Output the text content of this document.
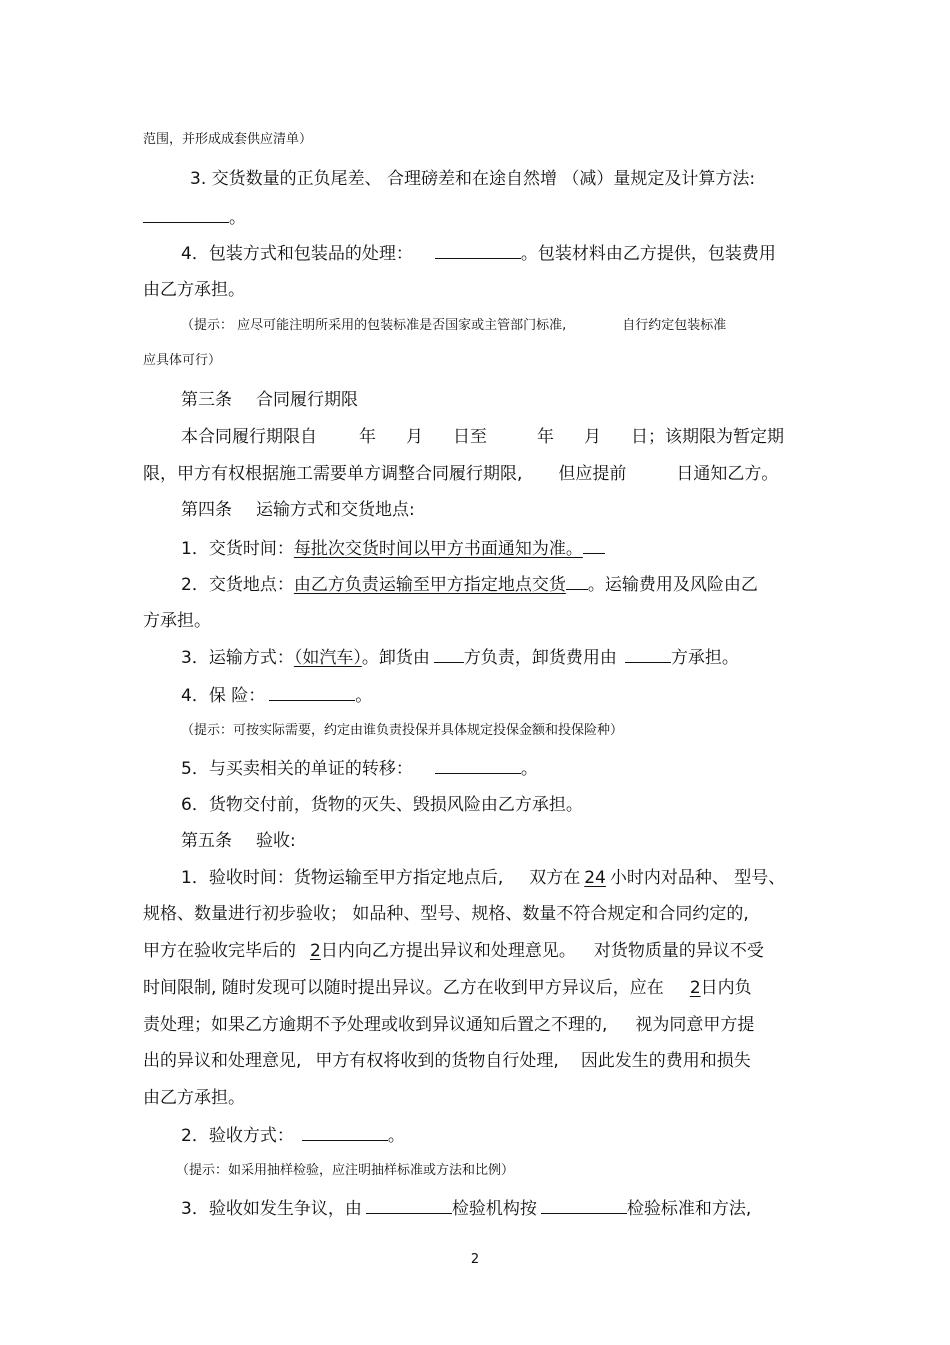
范围，并形成成套供应清单）
3. 交货数量的正负尾差、 合理磅差和在途自然增 （减）量规定及计算方法:
。
4．包装方式和包装品的处理：	。包装材料由乙方提供，包装费用
由乙方承担。
（提示： 应尽可能注明所采用的包装标准是否国家或主管部门标准,	自行约定包装标准
应具体可行）
第三条 合同履行期限
本合同履行期限自 年 月 日至	年 月 日；该期限为暂定期
限，甲方有权根据施工需要单方调整合同履行期限, 但应提前	日通知乙方。
第四条 运输方式和交货地点:
1．交货时间：每批次交货时间以甲方书面通知为准。
2．交货地点：由乙方负责运输至甲方指定地点交货 。运输费用及风险由乙
方承担。
3．运输方式：（如汽车）。卸货由 方负责，卸货费用由	方承担。
4．保 险：	。
（提示：可按实际需要，约定由谁负责投保并具体规定投保金额和投保险种）
5．与买卖相关的单证的转移：	。
6．货物交付前，货物的灭失、毁损风险由乙方承担。
第五条 验收:
1．验收时间：货物运输至甲方指定地点后, 双方在 24 小时内对品种、 型号、
规格、数量进行初步验收； 如品种、型号、规格、数量不符合规定和合同约定的,
甲方在验收完毕后的 2日内向乙方提出异议和处理意见。 对货物质量的异议不受
时间限制, 随时发现可以随时提出异议。乙方在收到甲方异议后，应在 2日内负
责处理；如果乙方逾期不予处理或收到异议通知后置之不理的, 视为同意甲方提
出的异议和处理意见, 甲方有权将收到的货物自行处理, 因此发生的费用和损失
由乙方承担。
2．验收方式：	。
（提示：如采用抽样检验，应注明抽样标准或方法和比例）
3．验收如发生争议，由	检验机构按	检验标准和方法,
2
